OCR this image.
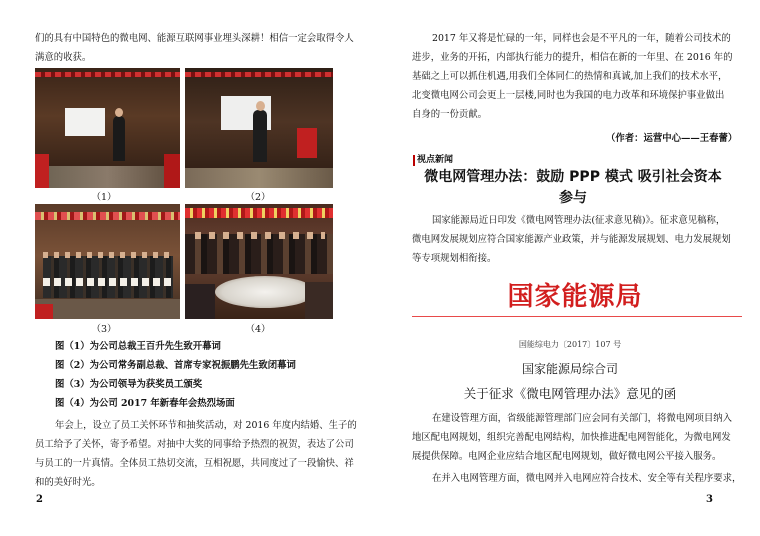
们的具有中国特色的微电网、能源互联网事业埋头深耕！相信一定会取得令人
满意的收获。
（1）	（2）
（3）	（4）
图（1）为公司总裁王百升先生致开幕词
图（2）为公司常务副总裁、首席专家祝振鹏先生致闭幕词
图（3）为公司领导为获奖员工颁奖
图（4）为公司 2017 年新春年会热烈场面
年会上，设立了员工关怀环节和抽奖活动，对 2016 年度内结婚、生子的
员工给予了关怀，寄予希望。对抽中大奖的同事给予热烈的祝贺，表达了公司
与员工的一片真情。全体员工热切交流，互相祝愿，共同度过了一段愉快、祥
和的美好时光。
2
2017 年又将是忙碌的一年，同样也会是不平凡的一年，随着公司技术的
进步，业务的开拓，内部执行能力的提升，相信在新的一年里、在 2016 年的
基础之上可以抓住机遇,用我们全体同仁的热情和真诚,加上我们的技术水平，
北变微电网公司会更上一层楼,同时也为我国的电力改革和环境保护事业做出
自身的一份贡献。
（作者：运营中心——王春蕾）
视点新闻
微电网管理办法：鼓励 PPP 模式 吸引社会资本
参与
国家能源局近日印发《微电网管理办法(征求意见稿)》。征求意见稿称，
微电网发展规划应符合国家能源产业政策，并与能源发展规划、电力发展规划
等专项规划相衔接。
国家能源局
国能综电力〔2017〕107 号
国家能源局综合司
关于征求《微电网管理办法》意见的函
在建设管理方面，省级能源管理部门应会同有关部门，将微电网项目纳入
地区配电网规划，组织完善配电网结构，加快推进配电网智能化，为微电网发
展提供保障。电网企业应结合地区配电网规划，做好微电网公平接入服务。
在并入电网管理方面，微电网并入电网应符合技术、安全等有关程序要求，
3
